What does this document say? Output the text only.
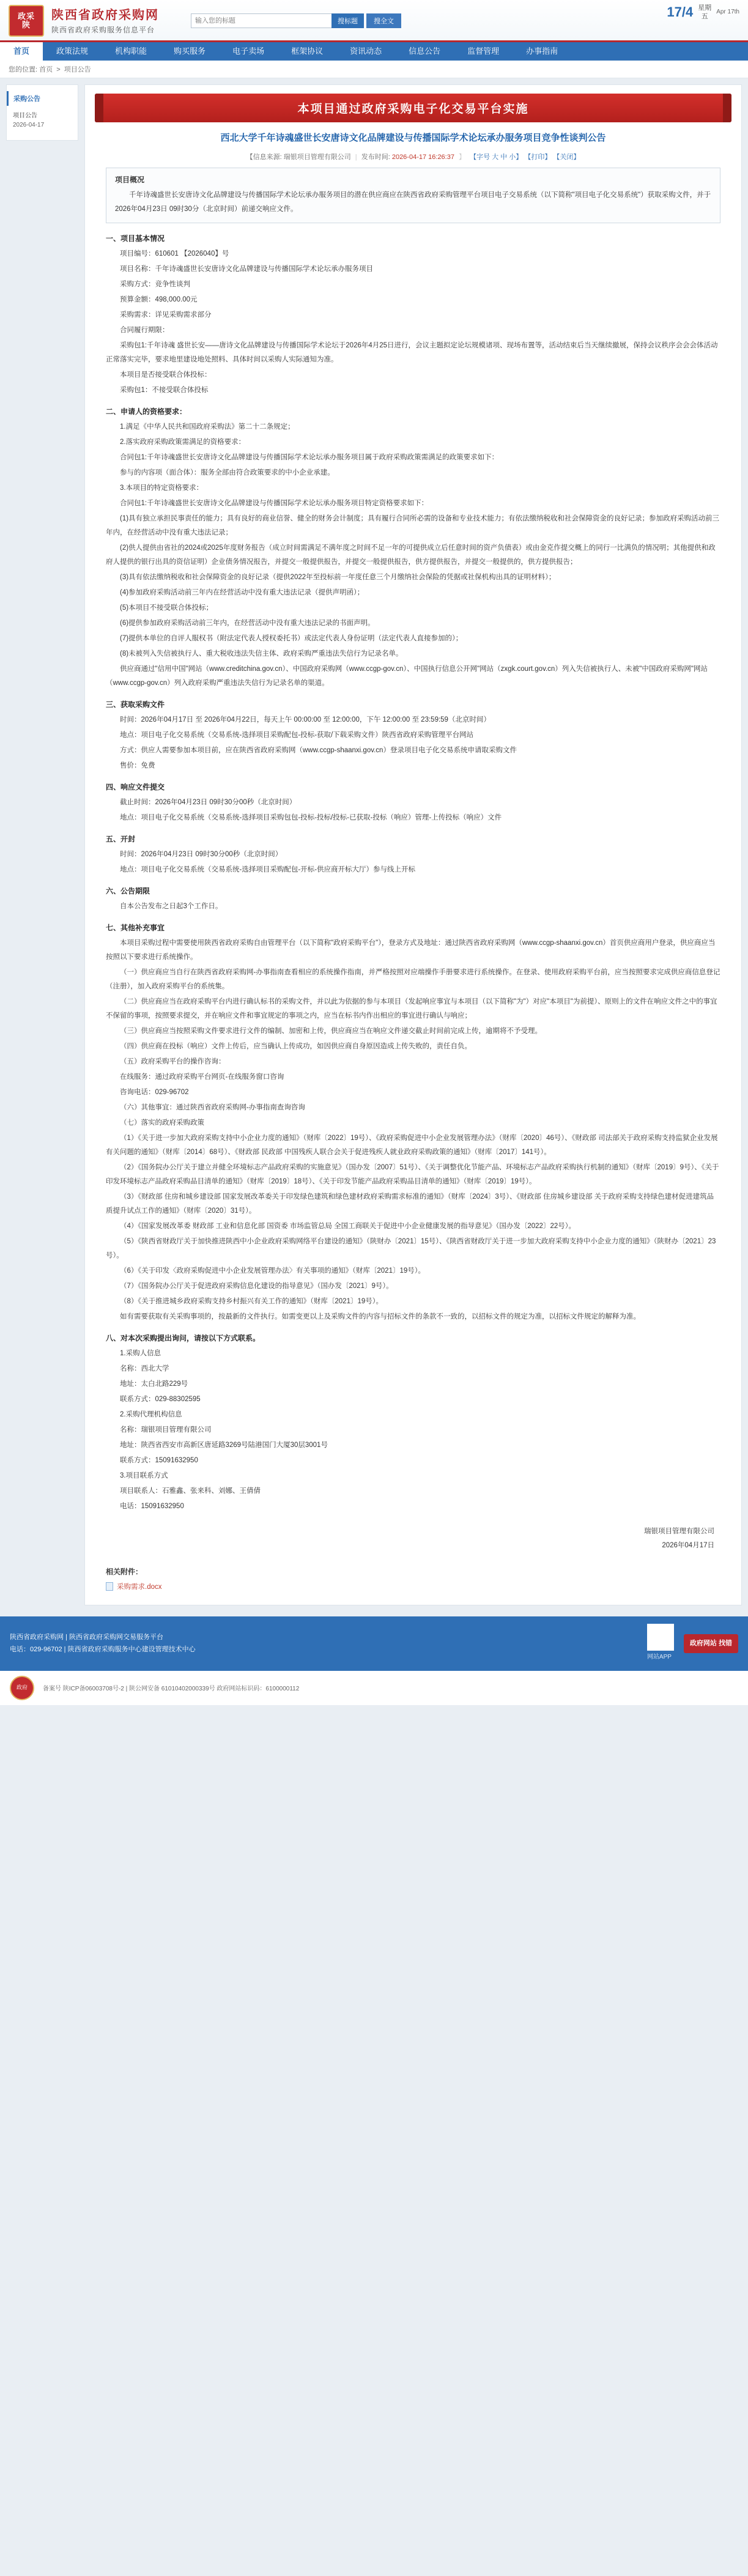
政采
陕
陕西省政府采购网
陕西省政府采购服务信息平台
输入您的标题
搜标题	搜全文
17/4 星期
五
Apr 17th
首页	政策法规	机构职能	购买服务	电子卖场	框架协议	资讯动态	信息公告	监督管理	办事指南
您的位置: 首页  >  项目公告
采购公告
项目公告
2026-04-17
本项目通过政府采购电子化交易平台实施
西北大学千年诗魂盛世长安唐诗文化品牌建设与传播国际学术论坛承办服务项目竞争性谈判公告
【信息来源: 瑞银项目管理有限公司 | 发布时间: 2026-04-17 16:26:37 】 【字号 大 中 小】 【打印】 【关闭】
项目概况

千年诗魂盛世长安唐诗文化品牌建设与传播国际学术论坛承办服务项目的潜在供应商应在陕西省政府采购管理平台项目电子交易系统（以下简称"项目电子化交易系统"）获取采购文件，并于2026年04月23日 09时30分（北京时间）前递交响应文件。

一、项目基本情况

项目编号：610601 【2026040】号

项目名称：千年诗魂盛世长安唐诗文化品牌建设与传播国际学术论坛承办服务项目

采购方式：竞争性谈判

预算金额：498,000.00元

采购需求：详见采购需求部分

合同履行期限：

采购包1:千年诗魂 盛世长安——唐诗文化品牌建设与传播国际学术论坛于2026年4月25日进行，会议主题拟定论坛规模诸项、现场布置等，活动结束后当天继续撤展，保持会议秩序会会会体活动正常落实完毕，要求地里建设地处照料、具体时间以采购人实际通知为准。

本项目是否接受联合体投标：

采购包1：不接受联合体投标

二、申请人的资格要求：

1.满足《中华人民共和国政府采购法》第二十二条规定；

2.落实政府采购政策需满足的资格要求：

合同包1:千年诗魂盛世长安唐诗文化品牌建设与传播国际学术论坛承办服务项目属于政府采购政策需满足的政策要求如下：

参与的内容项（面合体）：服务全部由符合政策要求的中小企业承建。

3.本项目的特定资格要求：

合同包1:千年诗魂盛世长安唐诗文化品牌建设与传播国际学术论坛承办服务项目特定资格要求如下：

(1)具有独立承担民事责任的能力；具有良好的商业信誉、健全的财务会计制度；具有履行合同所必需的设备和专业技术能力；有依法缴纳税收和社会保障资金的良好记录；参加政府采购活动前三年内，在经营活动中没有重大违法记录；

(2)供人提供由省社的2024或2025年度财务报告（成立时间需满足不满年度之时间不足一年的可提供成立后任意时间的资产负债表）或由金克作提交概上的同行一比满负的情况明；其他提供和政府人提供的银行出具的资信证明）企业债务情况报告，并提交一般提供报告，并提交一般提供报告，供方提供报告，并提交一般提供的，供方提供报告；

(3)具有依法缴纳税收和社会保障资金的良好记录（提供2022年至投标前一年度任意三个月缴纳社会保险的凭据或社保机构出具的证明材料）；

(4)参加政府采购活动前三年内在经营活动中没有重大违法记录（提供声明函）；

(5)本项目不接受联合体投标；

(6)提供参加政府采购活动前三年内，在经营活动中没有重大违法记录的书面声明。

(7)提供本单位的自评人服权书（附法定代表人授权委托书）或法定代表人身份证明（法定代表人直接参加的）；

(8)未被列入失信被执行人、重大税收违法失信主体、政府采购严重违法失信行为记录名单。

供应商通过"信用中国"网站（www.creditchina.gov.cn）、中国政府采购网（www.ccgp-gov.cn）、中国执行信息公开网"网站（zxgk.court.gov.cn）列入失信被执行人、未被"中国政府采购网"网站（www.ccgp-gov.cn）列入政府采购严重违法失信行为记录名单的渠道。

三、获取采购文件

时间：2026年04月17日 至 2026年04月22日，每天上午 00:00:00 至 12:00:00，下午 12:00:00 至 23:59:59（北京时间）

地点：项目电子化交易系统（交易系统-选择项目采购配包-投标-获取/下载采购文件）陕西省政府采购管理平台网站

方式：供应人需要参加本项目前，应在陕西省政府采购网（www.ccgp-shaanxi.gov.cn）登录项目电子化交易系统申请取采购文件

售价：免费

四、响应文件提交

截止时间：2026年04月23日 09时30分00秒（北京时间）

地点：项目电子化交易系统（交易系统-选择项目采购包包-投标-投标/投标-已获取-投标（响应）管理-上传投标（响应）文件

五、开封

时间：2026年04月23日 09时30分00秒（北京时间）

地点：项目电子化交易系统（交易系统-选择项目采购配包-开标-供应商开标大厅）参与线上开标

六、公告期限

自本公告发布之日起3个工作日。

七、其他补充事宜

本项目采购过程中需要使用陕西省政府采购自由管理平台（以下简称"政府采购平台"），登录方式及地址：通过陕西省政府采购网（www.ccgp-shaanxi.gov.cn）首页供应商用户登录，供应商应当按照以下要求进行系统操作。

（一）供应商应当自行在陕西省政府采购网-办事指南查看相应的系统操作指南，并严格按照对应端操作手册要求进行系统操作。在登录、使用政府采购平台前，应当按照要求完成供应商信息登记（注册），加入政府采购平台的系统集。

（二）供应商应当在政府采购平台内进行确认标书的采购文件，并以此为依据的参与本项目（发起响应事宜与本项目（以下简称"为"）对应"本项目"为前提）、原则上的文件在响应文件之中的事宜不保留的事项，按照要求提交，并在响应文件和事宜规定的事项之内，应当在标书内作出相应的事宜进行确认与响应；

（三）供应商应当按照采购文件要求进行文件的编制、加密和上传，供应商应当在响应文件递交截止时间前完成上传，逾期将不予受理。

（四）供应商在投标（响应）文件上传后，应当确认上传成功，如因供应商自身原因造成上传失败的，责任自负。

（五）政府采购平台的操作咨询：

在线服务：通过政府采购平台网页-在线服务窗口咨询

咨询电话：029-96702

（六）其他事宜：通过陕西省政府采购网-办事指南查询咨询

（七）落实的政府采购政策

（1）《关于进一步加大政府采购支持中小企业力度的通知》（财库〔2022〕19号）、《政府采购促进中小企业发展管理办法》（财库〔2020〕46号）、《财政部 司法部关于政府采购支持监狱企业发展有关问题的通知》（财库〔2014〕68号）、《财政部 民政部 中国残疾人联合会关于促进残疾人就业政府采购政策的通知》（财库〔2017〕141号）。

（2）《国务院办公厅关于建立并健全环境标志产品政府采购的实施意见》（国办发〔2007〕51号）、《关于调整优化节能产品、环境标志产品政府采购执行机制的通知》（财库〔2019〕9号）、《关于印发环境标志产品政府采购品目清单的通知》（财库〔2019〕18号）、《关于印发节能产品政府采购品目清单的通知》（财库〔2019〕19号）。

（3）《财政部 住房和城乡建设部 国家发展改革委关于印发绿色建筑和绿色建材政府采购需求标准的通知》（财库〔2024〕3号）、《财政部 住房城乡建设部 关于政府采购支持绿色建材促进建筑品质提升试点工作的通知》（财库〔2020〕31号）。

（4）《国家发展改革委 财政部 工业和信息化部 国资委 市场监管总局 全国工商联关于促进中小企业健康发展的指导意见》（国办发〔2022〕22号）。

（5）《陕西省财政厅关于加快推进陕西中小企业政府采购网络平台建设的通知》（陕财办〔2021〕15号）、《陕西省财政厅关于进一步加大政府采购支持中小企业力度的通知》（陕财办〔2021〕23号）。

（6）《关于印发〈政府采购促进中小企业发展管理办法〉有关事项的通知》（财库〔2021〕19号）。

（7）《国务院办公厅关于促进政府采购信息化建设的指导意见》（国办发〔2021〕9号）。

（8）《关于推进城乡政府采购支持乡村振兴有关工作的通知》（财库〔2021〕19号）。

如有需要获取有关采购事项的，按最新的文件执行。如需变更以上及采购文件的内容与招标文件的条款不一致的，以招标文件的规定为准，以招标文件规定的解释为准。

八、对本次采购提出询问，请按以下方式联系。

1.采购人信息

名称：西北大学

地址：太白北路229号

联系方式：029-88302595

2.采购代理机构信息

名称：瑞银项目管理有限公司

地址：陕西省西安市高新区唐延路3269号陆港国门大厦30层3001号

联系方式：15091632950

3.项目联系方式

项目联系人：石雅鑫、张来科、刘娜、王倩倩

电话：15091632950

瑞银项目管理有限公司
2026年04月17日
相关附件：
采购需求.docx
陕西省政府采购网 | 陕西省政府采购网交易服务平台
电话：029-96702 | 陕西省政府采购服务中心建设管理技术中心
网站APP
政府网站 找错
政府	备案号 陕ICP备06003708号-2 | 陕公网安备 61010402000339号 政府网站标识码：6100000112
